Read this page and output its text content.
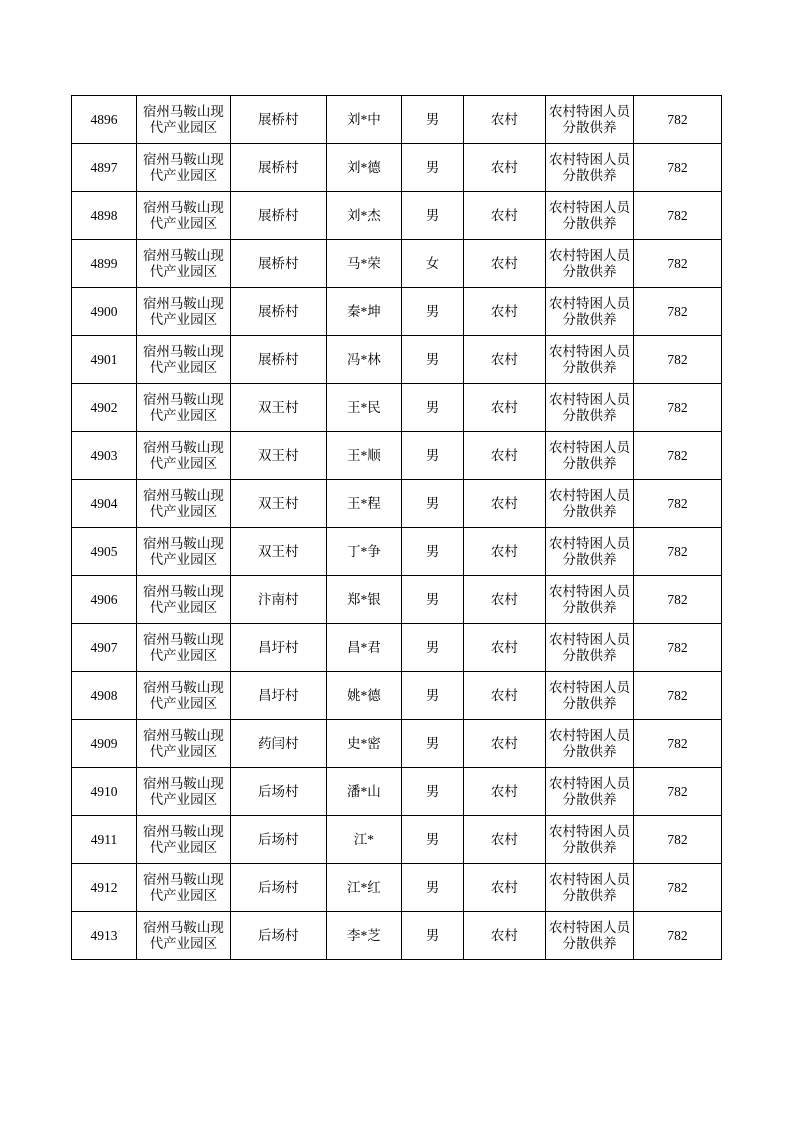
4896	宿州马鞍山现代产业园区	展桥村	刘*中	男	农村	农村特困人员分散供养	782
4897	宿州马鞍山现代产业园区	展桥村	刘*德	男	农村	农村特困人员分散供养	782
4898	宿州马鞍山现代产业园区	展桥村	刘*杰	男	农村	农村特困人员分散供养	782
4899	宿州马鞍山现代产业园区	展桥村	马*荣	女	农村	农村特困人员分散供养	782
4900	宿州马鞍山现代产业园区	展桥村	秦*坤	男	农村	农村特困人员分散供养	782
4901	宿州马鞍山现代产业园区	展桥村	冯*林	男	农村	农村特困人员分散供养	782
4902	宿州马鞍山现代产业园区	双王村	王*民	男	农村	农村特困人员分散供养	782
4903	宿州马鞍山现代产业园区	双王村	王*顺	男	农村	农村特困人员分散供养	782
4904	宿州马鞍山现代产业园区	双王村	王*程	男	农村	农村特困人员分散供养	782
4905	宿州马鞍山现代产业园区	双王村	丁*争	男	农村	农村特困人员分散供养	782
4906	宿州马鞍山现代产业园区	汴南村	郑*银	男	农村	农村特困人员分散供养	782
4907	宿州马鞍山现代产业园区	昌圩村	昌*君	男	农村	农村特困人员分散供养	782
4908	宿州马鞍山现代产业园区	昌圩村	姚*德	男	农村	农村特困人员分散供养	782
4909	宿州马鞍山现代产业园区	药闫村	史*密	男	农村	农村特困人员分散供养	782
4910	宿州马鞍山现代产业园区	后场村	潘*山	男	农村	农村特困人员分散供养	782
4911	宿州马鞍山现代产业园区	后场村	江*	男	农村	农村特困人员分散供养	782
4912	宿州马鞍山现代产业园区	后场村	江*红	男	农村	农村特困人员分散供养	782
4913	宿州马鞍山现代产业园区	后场村	李*芝	男	农村	农村特困人员分散供养	782
